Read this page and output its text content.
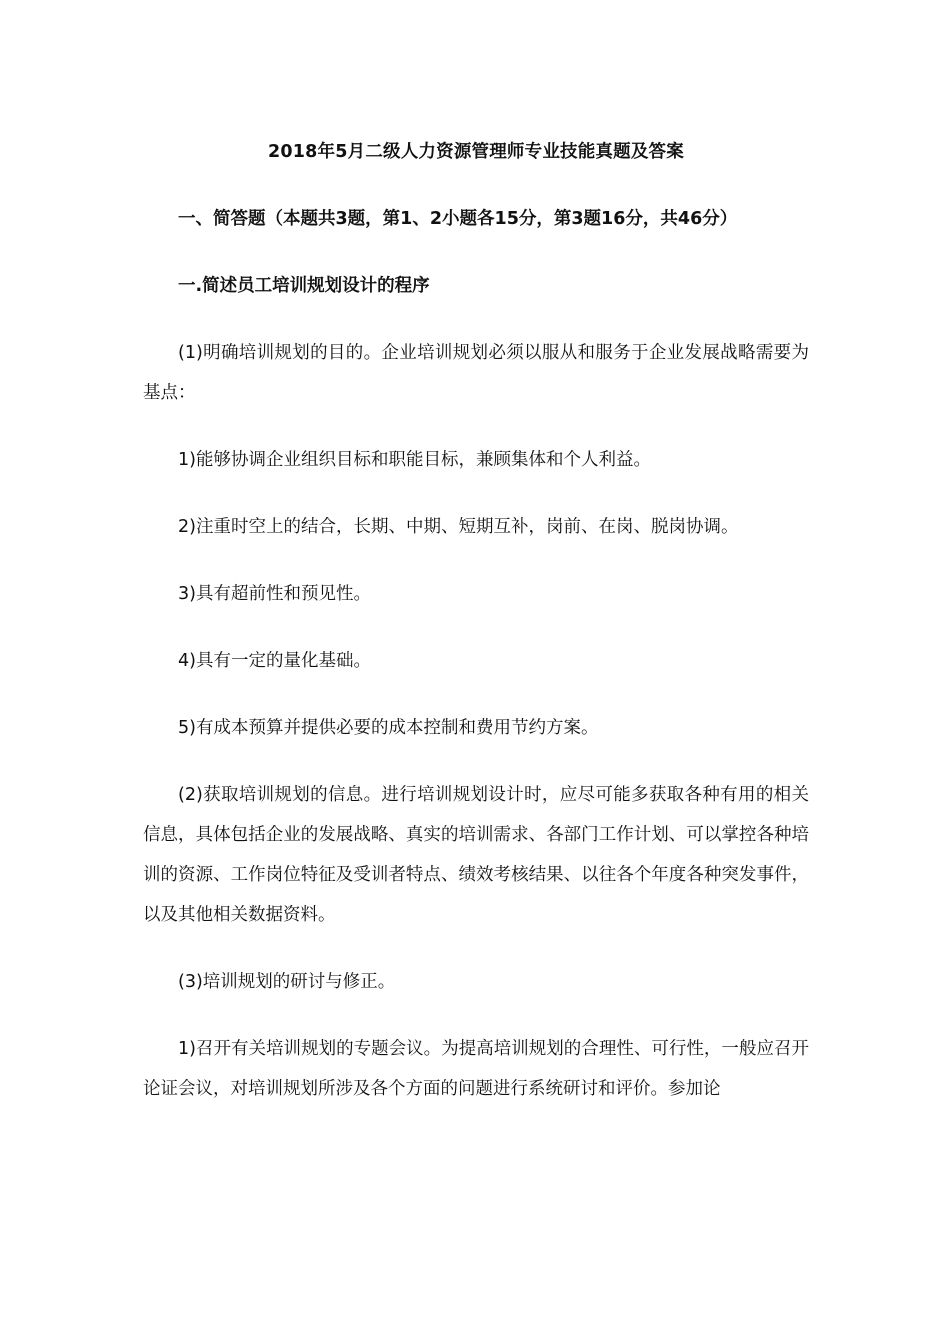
2018年5月二级人力资源管理师专业技能真题及答案

一、简答题（本题共3题，第1、2小题各15分，第3题16分，共46分）

一.简述员工培训规划设计的程序

(1)明确培训规划的目的。企业培训规划必须以服从和服务于企业发展战略需要为基点：

1)能够协调企业组织目标和职能目标，兼顾集体和个人利益。

2)注重时空上的结合，长期、中期、短期互补，岗前、在岗、脱岗协调。

3)具有超前性和预见性。

4)具有一定的量化基础。

5)有成本预算并提供必要的成本控制和费用节约方案。

(2)获取培训规划的信息。进行培训规划设计时，应尽可能多获取各种有用的相关信息，具体包括企业的发展战略、真实的培训需求、各部门工作计划、可以掌控各种培训的资源、工作岗位特征及受训者特点、绩效考核结果、以往各个年度各种突发事件，以及其他相关数据资料。

(3)培训规划的研讨与修正。

1)召开有关培训规划的专题会议。为提高培训规划的合理性、可行性，一般应召开论证会议，对培训规划所涉及各个方面的问题进行系统研讨和评价。参加论
